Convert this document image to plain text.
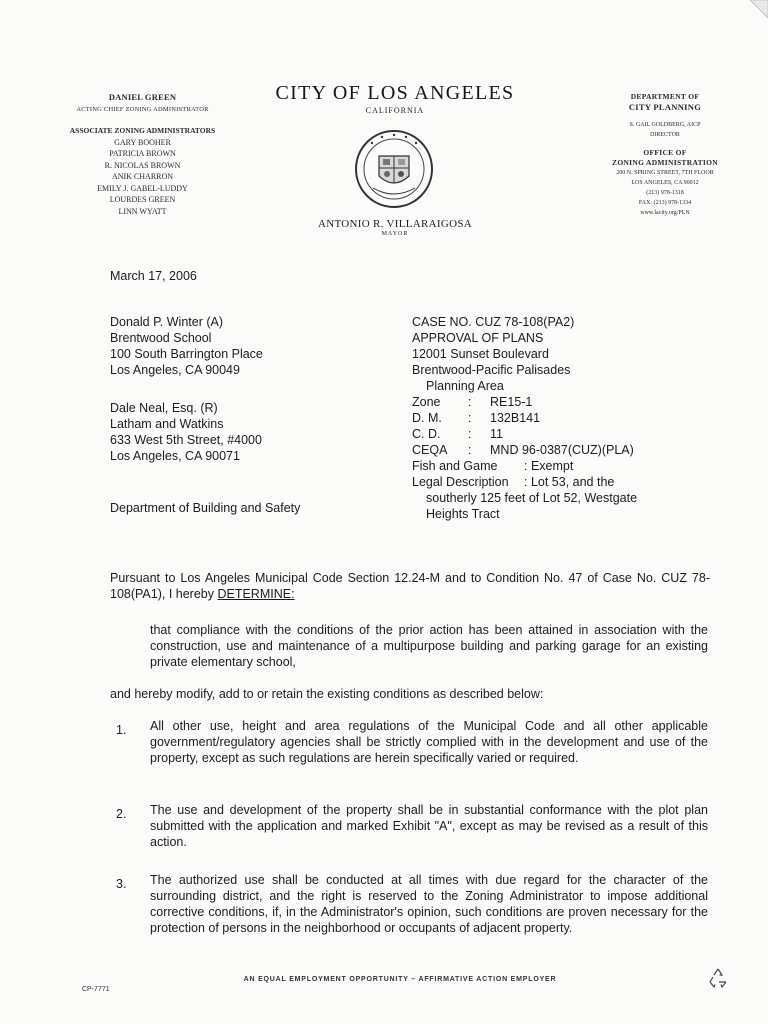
DANIEL GREEN
ACTING CHIEF ZONING ADMINISTRATOR
ASSOCIATE ZONING ADMINISTRATORS
GARY BOOHER
PATRICIA BROWN
R. NICOLAS BROWN
ANIK CHARRON
EMILY J. GABEL-LUDDY
LOURDES GREEN
LINN WYATT
CITY OF LOS ANGELES
CALIFORNIA
ANTONIO R. VILLARAIGOSA
MAYOR
DEPARTMENT OF
CITY PLANNING
S. GAIL GOLDBERG, AICP
DIRECTOR
OFFICE OF
ZONING ADMINISTRATION
200 N. SPRING STREET, 7TH FLOOR
LOS ANGELES, CA 90012
(213) 978-1318
FAX: (213) 978-1334
www.lacity.org/PLN
March 17, 2006
Donald P. Winter (A)
Brentwood School
100 South Barrington Place
Los Angeles, CA 90049
Dale Neal, Esq. (R)
Latham and Watkins
633 West 5th Street, #4000
Los Angeles, CA 90071
Department of Building and Safety
CASE NO. CUZ 78-108(PA2)
APPROVAL OF PLANS
12001 Sunset Boulevard
Brentwood-Pacific Palisades
Planning Area
Zone : RE15-1
D. M. : 132B141
C. D. : 11
CEQA : MND 96-0387(CUZ)(PLA)
Fish and Game : Exempt
Legal Description : Lot 53, and the
southerly 125 feet of Lot 52, Westgate
Heights Tract
Pursuant to Los Angeles Municipal Code Section 12.24-M and to Condition No. 47 of Case No. CUZ 78-108(PA1), I hereby DETERMINE:
that compliance with the conditions of the prior action has been attained in association with the construction, use and maintenance of a multipurpose building and parking garage for an existing private elementary school,
and hereby modify, add to or retain the existing conditions as described below:
1. All other use, height and area regulations of the Municipal Code and all other applicable government/regulatory agencies shall be strictly complied with in the development and use of the property, except as such regulations are herein specifically varied or required.
2. The use and development of the property shall be in substantial conformance with the plot plan submitted with the application and marked Exhibit "A", except as may be revised as a result of this action.
3. The authorized use shall be conducted at all times with due regard for the character of the surrounding district, and the right is reserved to the Zoning Administrator to impose additional corrective conditions, if, in the Administrator's opinion, such conditions are proven necessary for the protection of persons in the neighborhood or occupants of adjacent property.
CP-7771
AN EQUAL EMPLOYMENT OPPORTUNITY – AFFIRMATIVE ACTION EMPLOYER
